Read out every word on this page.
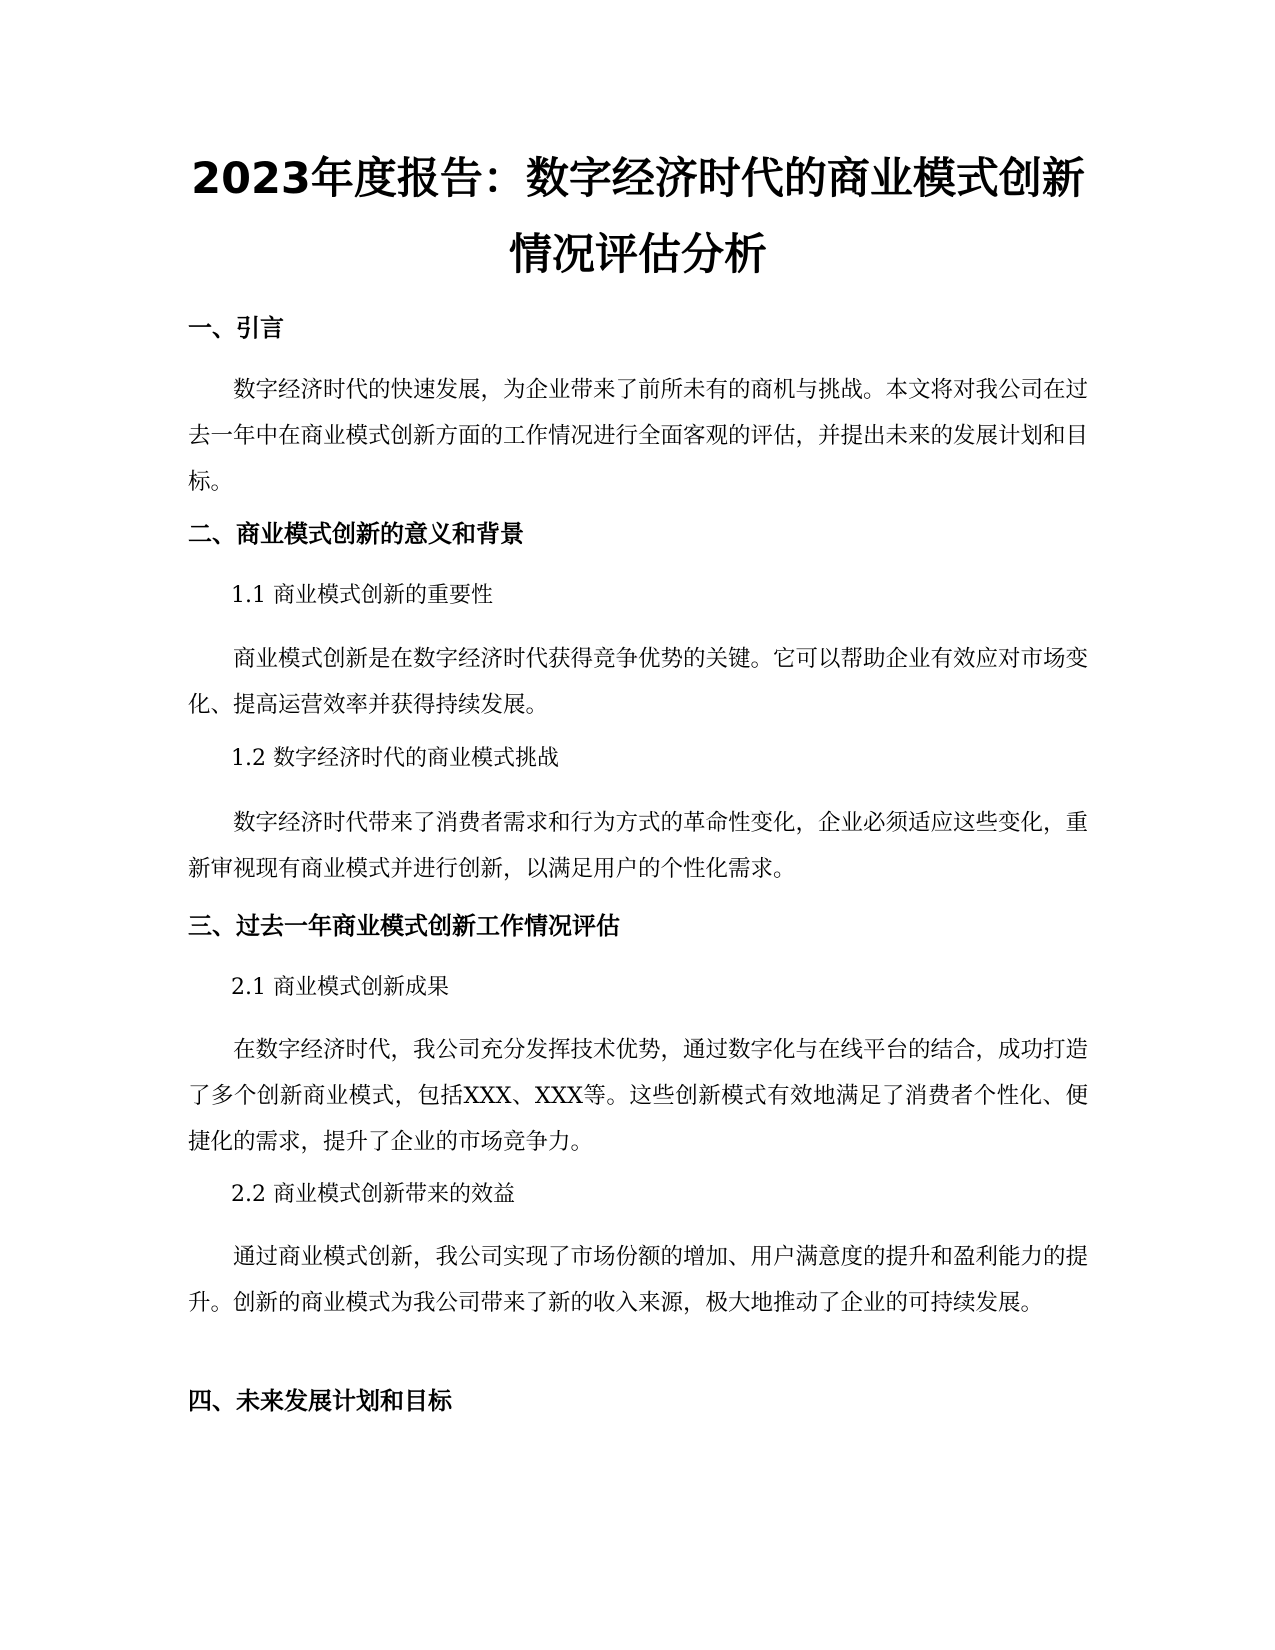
2023年度报告：数字经济时代的商业模式创新情况评估分析
一、引言

数字经济时代的快速发展，为企业带来了前所未有的商机与挑战。本文将对我公司在过去一年中在商业模式创新方面的工作情况进行全面客观的评估，并提出未来的发展计划和目标。

二、商业模式创新的意义和背景

1.1 商业模式创新的重要性

商业模式创新是在数字经济时代获得竞争优势的关键。它可以帮助企业有效应对市场变化、提高运营效率并获得持续发展。

1.2 数字经济时代的商业模式挑战

数字经济时代带来了消费者需求和行为方式的革命性变化，企业必须适应这些变化，重新审视现有商业模式并进行创新，以满足用户的个性化需求。

三、过去一年商业模式创新工作情况评估

2.1 商业模式创新成果

在数字经济时代，我公司充分发挥技术优势，通过数字化与在线平台的结合，成功打造了多个创新商业模式，包括XXX、XXX等。这些创新模式有效地满足了消费者个性化、便捷化的需求，提升了企业的市场竞争力。

2.2 商业模式创新带来的效益

通过商业模式创新，我公司实现了市场份额的增加、用户满意度的提升和盈利能力的提升。创新的商业模式为我公司带来了新的收入来源，极大地推动了企业的可持续发展。

四、未来发展计划和目标
